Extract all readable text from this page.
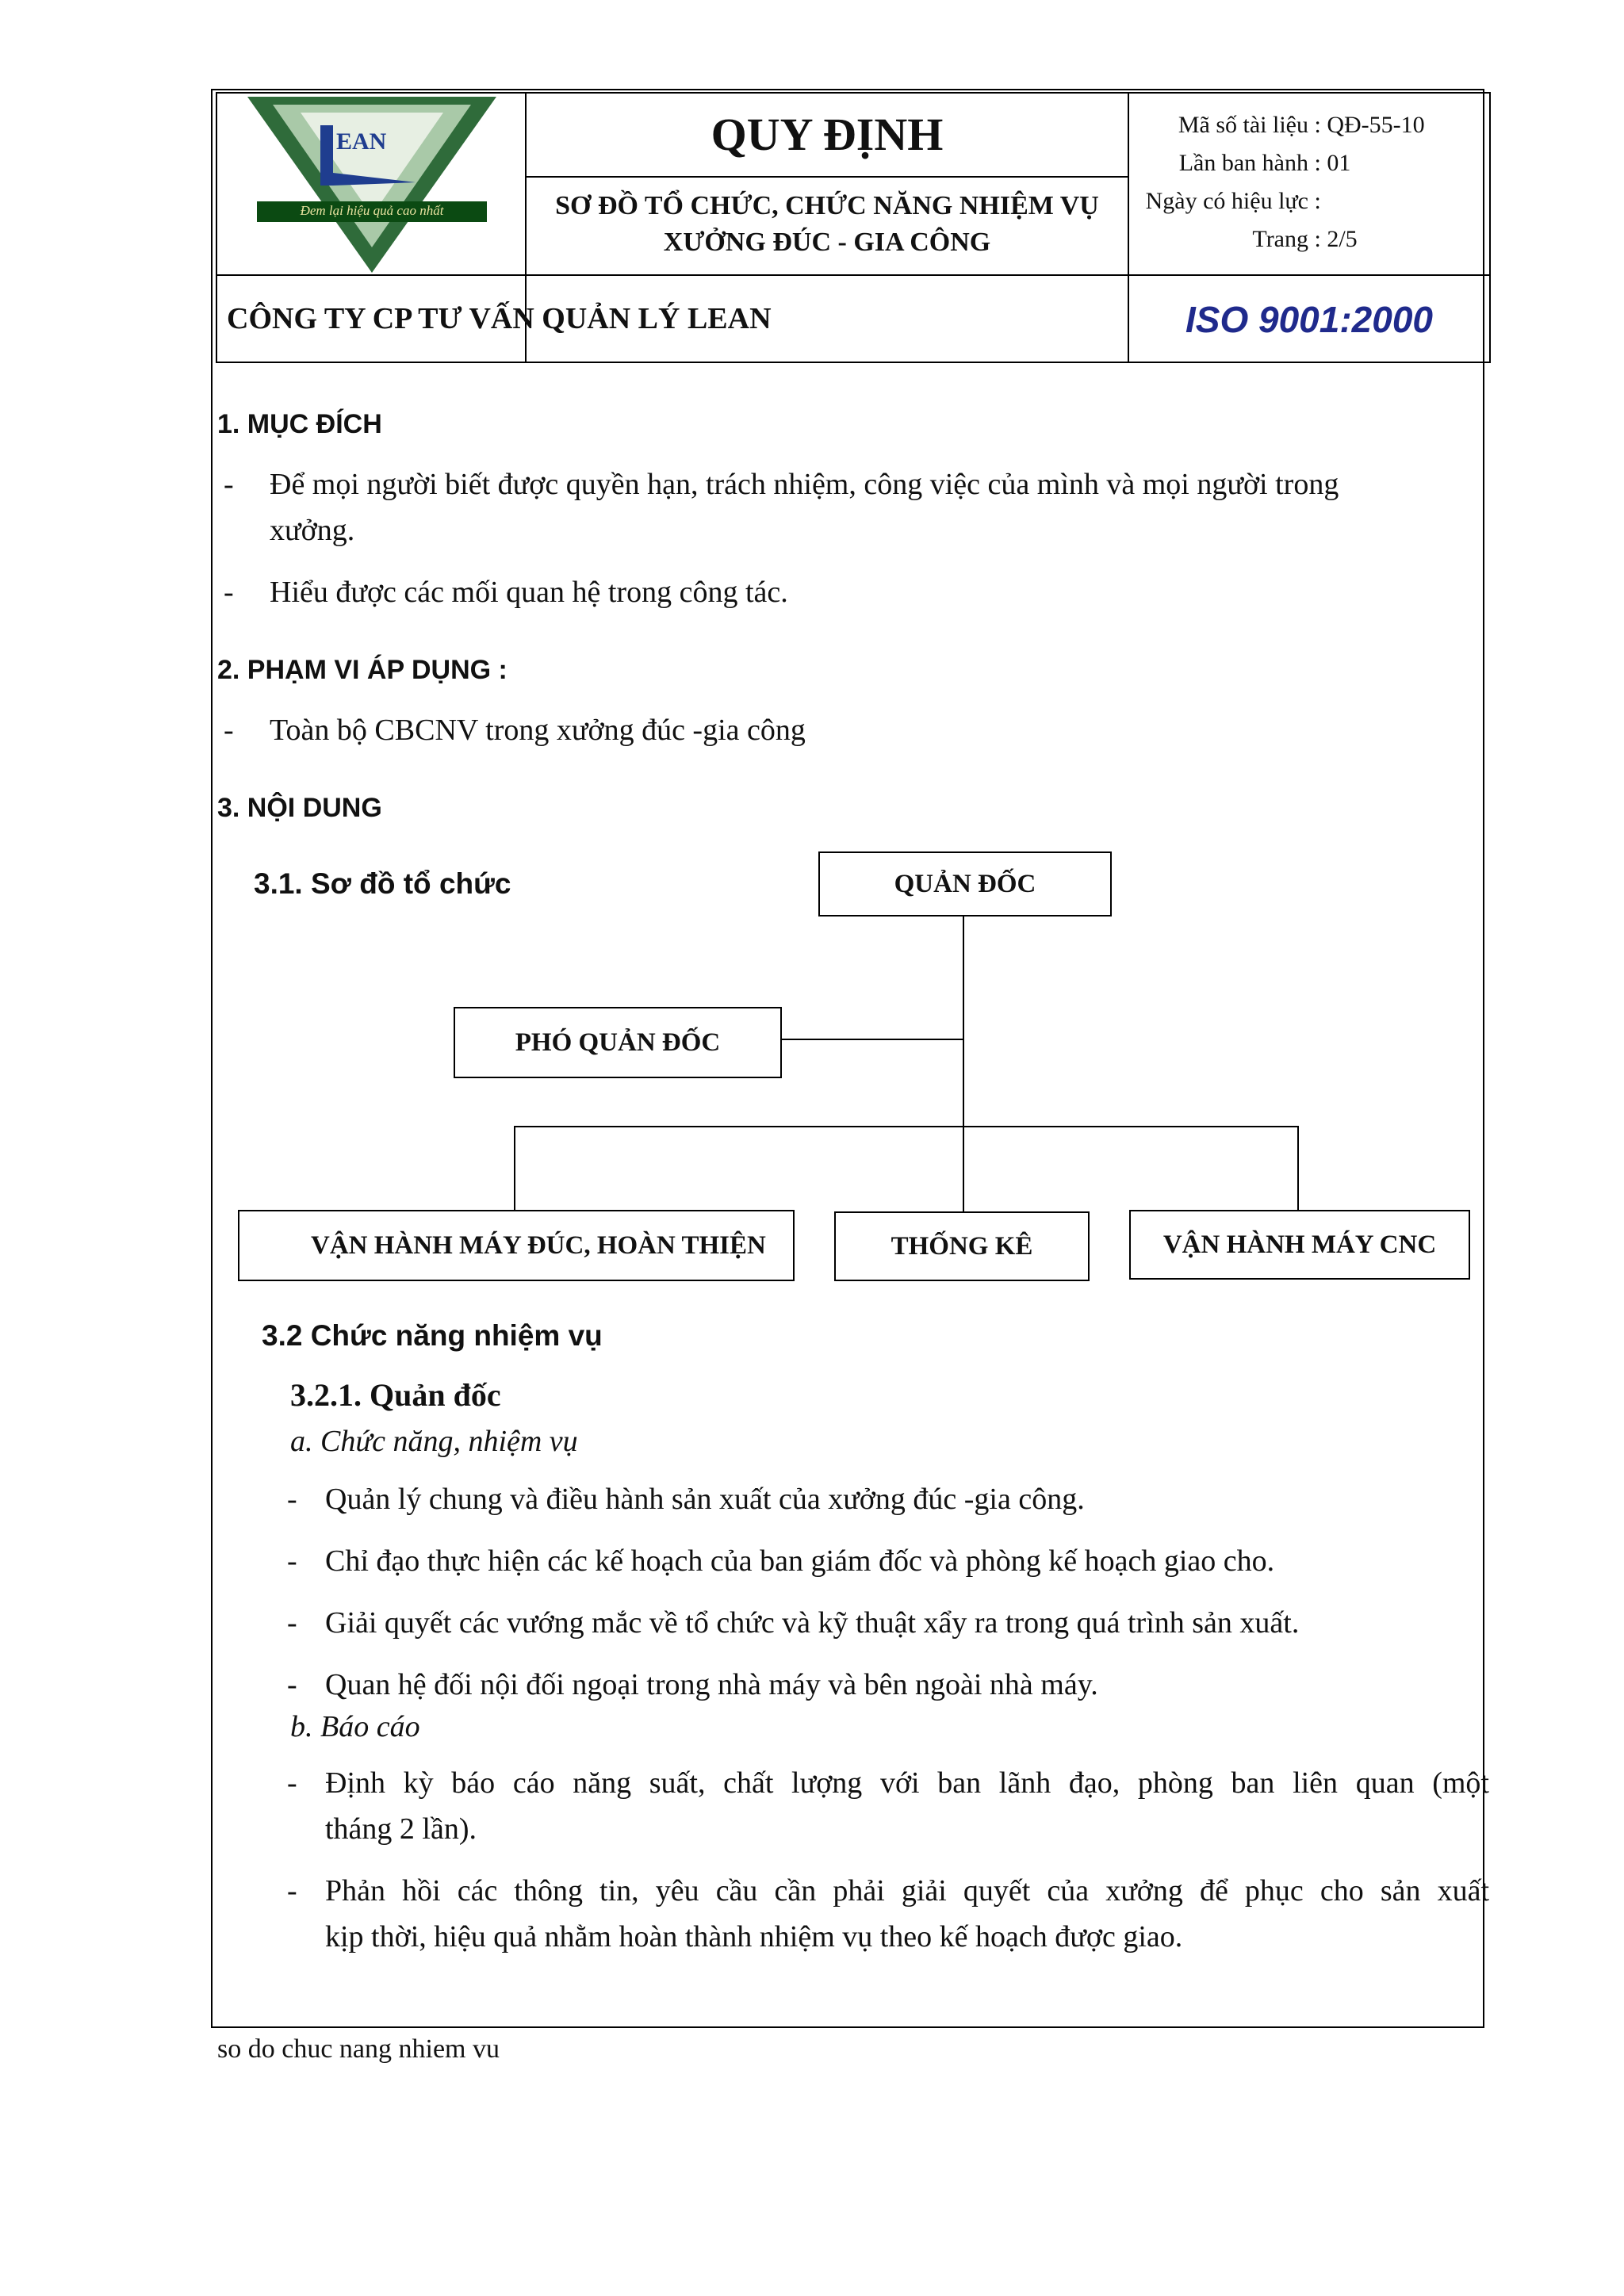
EAN
Đem lại hiệu quả cao nhất
QUY ĐỊNH
SƠ ĐỒ TỔ CHỨC, CHỨC NĂNG NHIỆM VỤ
XƯỞNG ĐÚC - GIA CÔNG
Mã số tài liệu : QĐ-55-10
Lần ban hành : 01
Ngày có hiệu lực :
Trang : 2/5
CÔNG TY CP TƯ VẤN QUẢN LÝ LEAN	ISO 9001:2000
1. MỤC ĐÍCH
- Để mọi người biết được quyền hạn, trách nhiệm, công việc của mình và mọi người trong
xưởng.
- Hiểu được các mối quan hệ trong công tác.
2. PHẠM VI ÁP DỤNG :
- Toàn bộ CBCNV trong xưởng đúc -gia công
3. NỘI DUNG
3.1. Sơ đồ tổ chức	QUẢN ĐỐC
PHÓ QUẢN ĐỐC
VẬN HÀNH MÁY ĐÚC, HOÀN THIỆN	THỐNG KÊ	VẬN HÀNH MÁY CNC
3.2 Chức năng nhiệm vụ
3.2.1. Quản đốc
a. Chức năng, nhiệm vụ
- Quản lý chung và điều hành sản xuất của xưởng đúc -gia công.
- Chỉ đạo thực hiện các kế hoạch của ban giám đốc và phòng kế hoạch giao cho.
- Giải quyết các vướng mắc về tổ chức và kỹ thuật xẩy ra trong quá trình sản xuất.
- Quan hệ đối nội đối ngoại trong nhà máy và bên ngoài nhà máy.
b. Báo cáo
- Định kỳ báo cáo năng suất, chất lượng với ban lãnh đạo, phòng ban liên quan (một
tháng 2 lần).
- Phản hồi các thông tin, yêu cầu cần phải giải quyết của xưởng để phục cho sản xuất
kịp thời, hiệu quả nhằm hoàn thành nhiệm vụ theo kế hoạch được giao.
so do chuc nang nhiem vu
